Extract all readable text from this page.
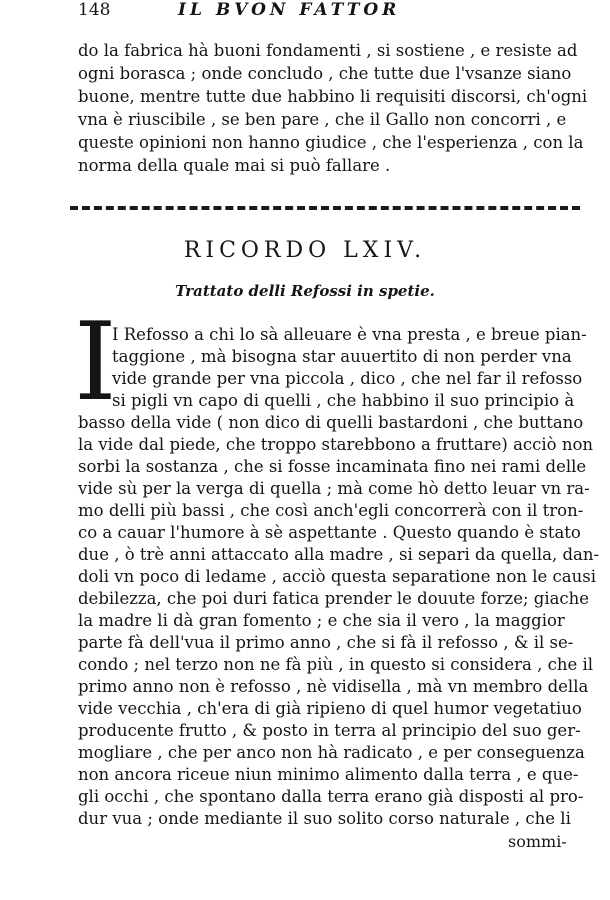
148	IL BVON FATTOR

do la fabrica hà buoni fondamenti , si sostiene , e resiste ad

ogni borasca ; onde concludo , che tutte due l'vsanze siano

buone, mentre tutte due habbino li requisiti discorsi, ch'ogni

vna è riuscibile , se ben pare , che il Gallo non concorri , e

queste opinioni non hanno giudice , che l'esperienza , con la

norma della quale mai si può fallare .

RICORDO LXIV.
Trattato delli Refossi in spetie.
I

I Refosso a chi lo sà alleuare è vna presta , e breue pian-

taggione , mà bisogna star auuertito di non perder vna

vide grande per vna piccola , dico , che nel far il refosso

si pigli vn capo di quelli , che habbino il suo principio à

basso della vide ( non dico di quelli bastardoni , che buttano

la vide dal piede, che troppo starebbono a fruttare) acciò non

sorbi la sostanza , che si fosse incaminata fino nei rami delle

vide sù per la verga di quella ; mà come hò detto leuar vn ra-

mo delli più bassi , che così anch'egli concorrerà con il tron-

co a cauar l'humore à sè aspettante . Questo quando è stato

due , ò trè anni attaccato alla madre , si separi da quella, dan-

doli vn poco di ledame , acciò questa separatione non le causi

debilezza, che poi duri fatica prender le douute forze; giache

la madre li dà gran fomento ; e che sia il vero , la maggior

parte fà dell'vua il primo anno , che si fà il refosso , & il se-

condo ; nel terzo non ne fà più , in questo si considera , che il

primo anno non è refosso , nè vidisella , mà vn membro della

vide vecchia , ch'era di già ripieno di quel humor vegetatiuo

producente frutto , & posto in terra al principio del suo ger-

mogliare , che per anco non hà radicato , e per conseguenza

non ancora riceue niun minimo alimento dalla terra , e que-

gli occhi , che spontano dalla terra erano già disposti al pro-

dur vua ; onde mediante il suo solito corso naturale , che li

sommi-
